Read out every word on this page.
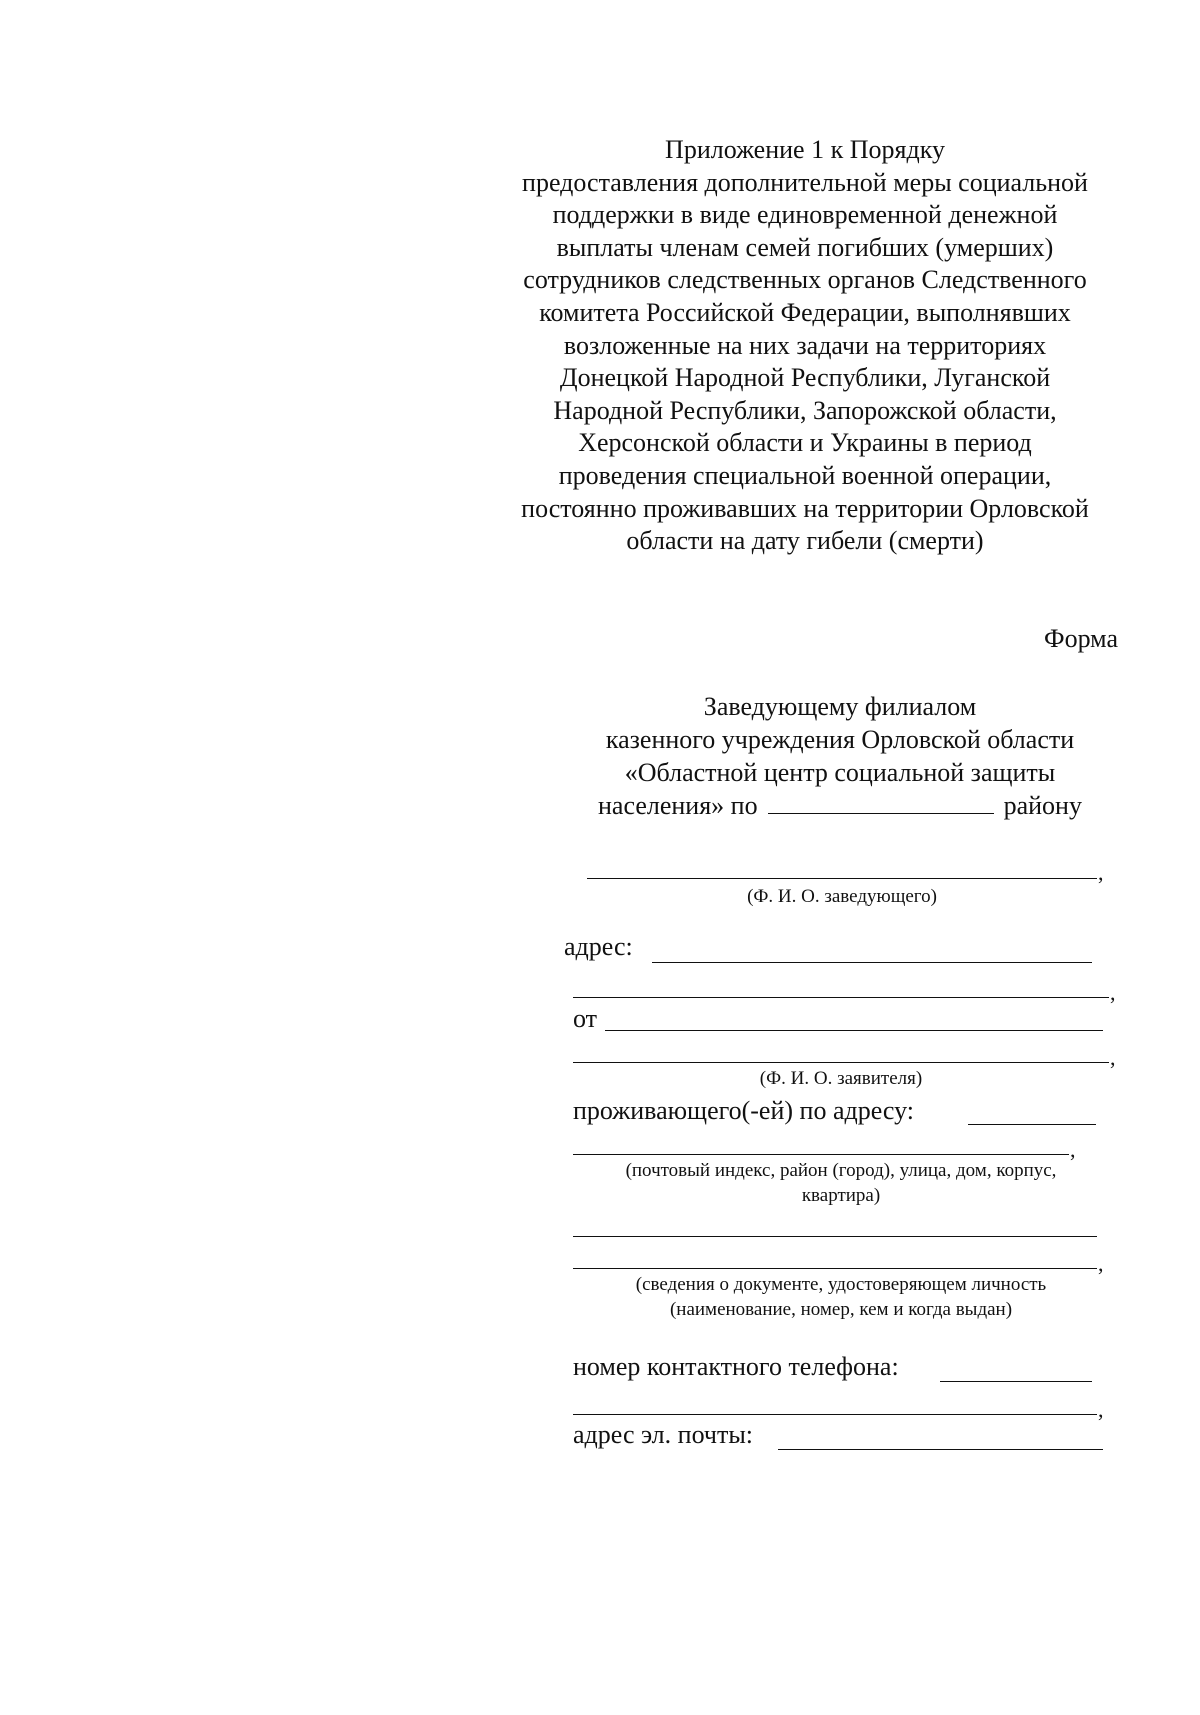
Приложение 1 к Порядку
предоставления дополнительной меры социальной
поддержки в виде единовременной денежной
выплаты членам семей погибших (умерших)
сотрудников следственных органов Следственного
комитета Российской Федерации, выполнявших
возложенные на них задачи на территориях
Донецкой Народной Республики, Луганской
Народной Республики, Запорожской области,
Херсонской области и Украины в период
проведения специальной военной операции,
постоянно проживавших на территории Орловской
области на дату гибели (смерти)
Форма
Заведующему филиалом
казенного учреждения Орловской области
«Областной центр социальной защиты
населения» по	району
,
(Ф. И. О. заведующего)
адрес:
,
от
,
(Ф. И. О. заявителя)
проживающего(-ей) по адресу:
,
(почтовый индекс, район (город), улица, дом, корпус,
квартира)
,
(сведения о документе, удостоверяющем личность
(наименование, номер, кем и когда выдан)
номер контактного телефона:
,
адрес эл. почты:
